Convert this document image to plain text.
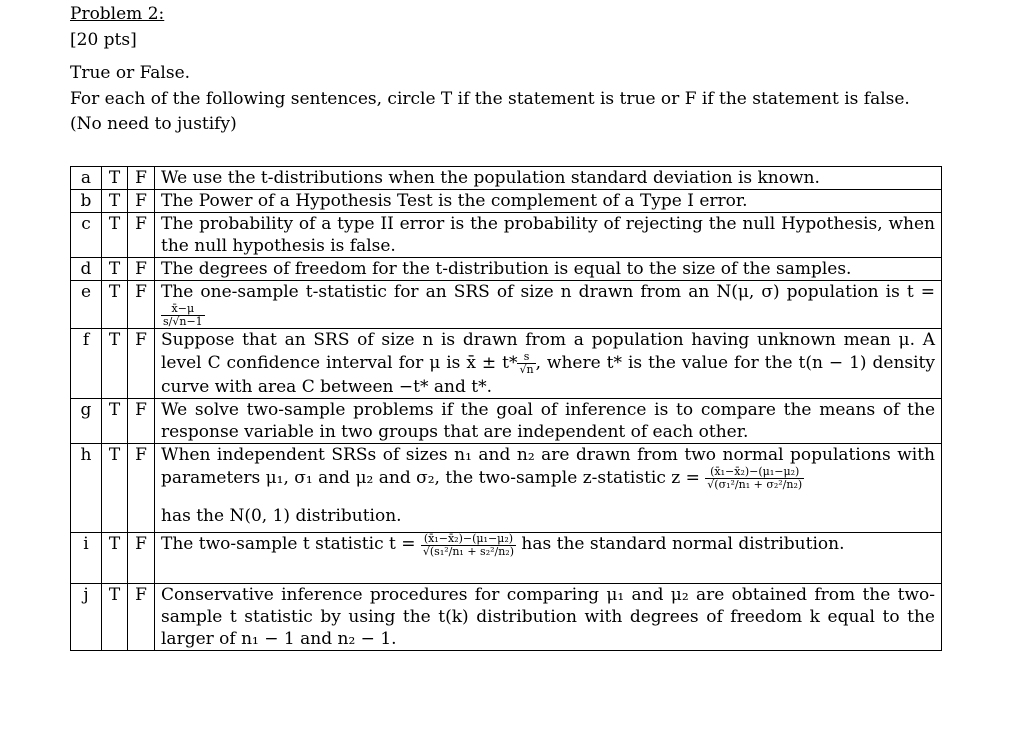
Problem 2:
[20 pts]
True or False.
For each of the following sentences, circle T if the statement is true or F if the statement is false.
(No need to justify)
a	T	F	We use the t-distributions when the population standard deviation is known.
b	T	F	The Power of a Hypothesis Test is the complement of a Type I error.
c	T	F	The probability of a type II error is the probability of rejecting the null Hypothesis, when the null hypothesis is false.
d	T	F	The degrees of freedom for the t-distribution is equal to the size of the samples.
e	T	F	The one-sample t-statistic for an SRS of size n drawn from an N(μ, σ) population is t =
$\frac{x̄-\mu}{s/√n-1}$

f	T	F	Suppose that an SRS of size n is drawn from a population having unknown mean μ. A level C confidence interval for μ is x̄ ± $t* \frac{s}{√n}$ , where t* is the value for the t(n − 1) density curve with area C between −t* and t*.
g	T	F	We solve two-sample problems if the goal of inference is to compare the means of the response variable in two groups that are independent of each other.
h	T	F	When independent SRSs of sizes n₁ and n₂ are drawn from two normal populations with parameters μ₁, σ₁ and μ₂ and σ₂, the two-sample z-statistic $z = \frac{\text{(x̄₁−x̄₂)−(μ₁−μ₂)}}{\text{√(σ₁²/n₁ + σ₂²/n₂)}}$
has the N(0, 1) distribution.

i	T	F	The two-sample t statistic $t = \frac{\text{(x̄₁−x̄₂)−(μ₁−μ₂)}}{\text{√(s₁²/n₁ + s₂²/n₂)}}$ has the standard normal distribution.
j	T	F	Conservative inference procedures for comparing μ₁ and μ₂ are obtained from the two-sample t statistic by using the t(k) distribution with degrees of freedom k equal to the larger of n₁ − 1 and n₂ − 1.
